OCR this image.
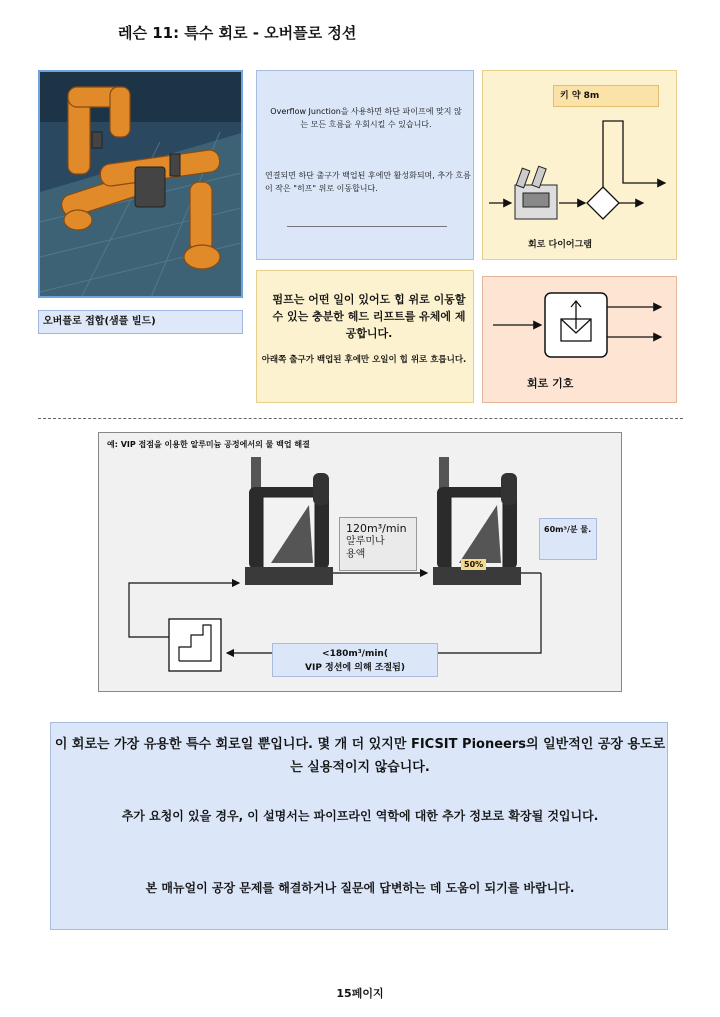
레슨 11: 특수 회로 - 오버플로 정션
오버플로 접합(샘플 빌드)
Overflow Junction을 사용하면 하단 파이프에 맞지 않는 모든 흐름을 우회시킬 수 있습니다.
연결되면 하단 출구가 백업된 후에만 활성화되며, 추가 흐름이 작은 "히프" 위로 이동합니다.
키 약 8m
회로 다이어그램
펌프는 어떤 일이 있어도 힙 위로 이동할 수 있는 충분한 헤드 리프트를 유체에 제공합니다.
아래쪽 출구가 백업된 후에만 오일이 힙 위로 흐릅니다.
회로 기호
예: VIP 접점을 이용한 알루미늄 공정에서의 물 백업 해결
120m³/min
알루미나
용액
50%
60m³/분 물.
<180m³/min(
VIP 정션에 의해 조절됨)
이 회로는 가장 유용한 특수 회로일 뿐입니다. 몇 개 더 있지만 FICSIT Pioneers의 일반적인 공장 용도로는 실용적이지 않습니다.
추가 요청이 있을 경우, 이 설명서는 파이프라인 역학에 대한 추가 정보로 확장될 것입니다.
본 매뉴얼이 공장 문제를 해결하거나 질문에 답변하는 데 도움이 되기를 바랍니다.
15페이지
